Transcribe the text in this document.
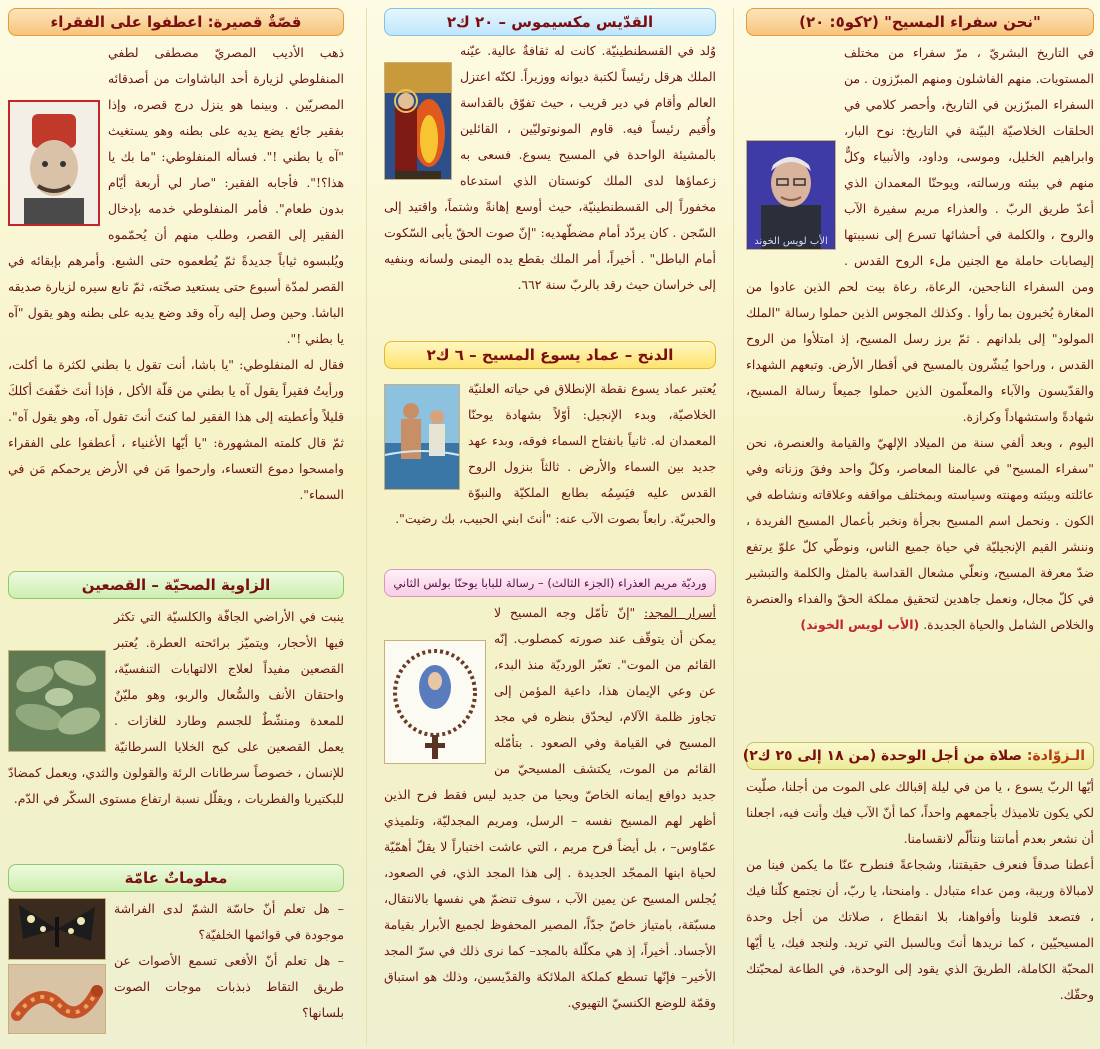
"نحن سفراء المسيح" (٢كو٥: ٢٠)
الأب لويس الخوند

في التاريخ البشريّ ، مرّ سفراء من مختلف المستويات. منهم الفاشلون ومنهم المبرّزون . من السفراء المبرّزين في التاريخ، وأحصر كلامي في الحلقات الخلاصيّة البيّنة في التاريخ: نوح البار، وابراهيم الخليل، وموسى، وداود، والأنبياء وكلٌّ منهم في بيئته ورسالته، ويوحنّا المعمدان الذي أعدّ طريق الربّ . والعذراء مريم سفيرة الآب والروح ، والكلمة في أحشائها تسرع إلى نسيبتها إليصابات حاملة مع الجنين ملء الروح القدس . ومن السفراء الناجحين، الرعاة، رعاة بيت لحم الذين عادوا من المغارة يُخبرون بما رأوا . وكذلك المجوس الذين حملوا رسالة "الملك المولود" إلى بلدانهم . ثمّ برز رسل المسيح، إذ امتلأوا من الروح القدس ، وراحوا يُبشّرون بالمسيح في أقطار الأرض. وتبعهم الشهداء والقدّيسون والآباء والمعلّمون الذين حملوا جميعاً رسالة المسيح، شهادةً واستشهاداً وكرازة.

اليوم ، وبعد ألفي سنة من الميلاد الإلهيّ والقيامة والعنصرة، نحن "سفراء المسيح" في عالمنا المعاصر، وكلّ واحد وفقَ وزناته وفي عائلته وبيئته ومهنته وسياسته وبمختلف مواقفه وعلاقاته ونشاطه في الكون . ونحمل اسم المسيح بجرأة ونخبر بأعمال المسيح الفريدة ، وننشر القيم الإنجيليّة في حياة جميع الناس، ونوطّي كلّ علوّ يرتفع ضدّ معرفة المسيح، ونعلّي مشعال القداسة بالمثل والكلمة والتبشير في كلّ مجال، ونعمل جاهدين لتحقيق مملكة الحقّ والفداء والعنصرة والخلاص الشامل والحياة الجديدة. (الأب لويس الخوند)

الـزوّادة: صلاة من أجل الوحدة (من ١٨ إلى ٢٥ ك٢)

أيّها الربّ يسوع ، يا من في ليلة إقبالك على الموت من أجلنا، صلّيت لكي يكون تلاميذك بأجمعهم واحداً، كما أنّ الآب فيك وأنت فيه، اجعلنا أن نشعر بعدم أمانتنا ونتألّم لانقسامنا.

أعطنا صدقاً فنعرف حقيقتنا، وشجاعةً فنطرح عنّا ما يكمن فينا من لامبالاة وريبة، ومن عداء متبادل . وامنحنا، يا ربّ، أن نجتمع كلّنا فيك ، فتصعد قلوبنا وأفواهنا، بلا انقطاع ، صلاتك من أجل وحدة المسيحيّين ، كما نريدها أنتَ وبالسبل التي تريد. ولنجد فيك، يا أيّها المحبّة الكاملة، الطريقَ الذي يقود إلى الوحدة، في الطاعة لمحبّتك وحقّك.

القدّيس مكسيموس – ٢٠ ك٢

وُلد في القسطنطينيّة. كانت له ثقافةٌ عالية. عيّنه الملك هرقل رئيساً لكتبة ديوانه ووزيراً. لكنّه اعتزل العالم وأقام في دير قريب ، حيث تفوّق بالقداسة وأُقيم رئيساً فيه. قاوم المونوتوليّين ، القائلين بالمشيئة الواحدة في المسيح يسوع. فسعى به زعماؤها لدى الملك كونستان الذي استدعاه مخفوراً إلى القسطنطينيّة، حيث أوسع إهانةً وشتماً، واقتيد إلى السّجن . كان يردّد أمام مضطّهديه: "إنّ صوت الحقّ يأبى السّكوت أمام الباطل" . أخيراً، أمر الملك بقطع يده اليمنى ولسانه وبنفيه إلى خراسان حيث رقد بالربّ سنة ٦٦٢.

الدنح – عماد يسوع المسيح – ٦ ك٢

يُعتبر عماد يسوع نقطة الإنطلاق في حياته العلنيّة الخلاصيّة، وبدء الإنجيل: أوّلاً بشهادة يوحنّا المعمدان له. ثانياً بانفتاح السماء فوقه، وبدء عهد جديد بين السماء والأرض . ثالثاً بنزول الروح القدس عليه فيَسِمُه بطابع الملكيّة والنبوّة والحبريّة. رابعاً بصوت الآب عنه: "أنتَ ابني الحبيب، بك رضيت".

ورديّة مريم العذراء (الجزء الثالث) – رسالة للبابا يوحنّا بولس الثاني

أسرار المجد: "إنّ تأمّل وجه المسيح لا يمكن أن يتوقّف عند صورته كمصلوب. إنّه القائم من الموت". تعبّر الورديّة منذ البدء، عن وعي الإيمان هذا، داعية المؤمن إلى تجاوز ظلمة الآلام، ليحدّق بنظره في مجد المسيح في القيامة وفي الصعود . بتأمّله القائم من الموت، يكتشف المسيحيّ من جديد دوافع إيمانه الخاصّ ويحيا من جديد ليس فقط فرح الذين أظهر لهم المسيح نفسه – الرسل، ومريم المجدليّة، وتلميذي عمّاوس– ، بل أيضاً فرح مريم ، التي عاشت اختباراً لا يقلّ أهمّيّة لحياة ابنها الممجّد الجديدة . إلى هذا المجد الذي، في الصعود، يُجلس المسيح عن يمين الآب ، سوف تنضمّ هي نفسها بالانتقال، مسبّقة، بامتياز خاصّ جدّاً، المصير المحفوظ لجميع الأبرار بقيامة الأجساد. أخيراً، إذ هي مكلّلة بالمجد– كما نرى ذلك في سرّ المجد الأخير– فإنّها تسطع كملكة الملائكة والقدّيسين، وذلك هو استباق وقمّة للوضع الكنسيّ التهيوي.

قصّةٌ قصيرة: اعطفوا على الفقراء

ذهب الأديب المصريّ مصطفى لطفي المنفلوطي لزيارة أحد الباشاوات من أصدقائه المصريّين . وبينما هو ينزل درج قصره، وإذا بفقير جائع يضع يديه على بطنه وهو يستغيث "آه يا بطني !". فسأله المنفلوطي: "ما بك يا هذا؟!". فأجابه الفقير: "صار لي أربعة أيّام بدون طعام". فأمر المنفلوطي خدمه بإدخال الفقير إلى القصر، وطلب منهم أن يُحمّموه ويُلبسوه ثياباً جديدةً ثمّ يُطعموه حتى الشبع. وأمرهم بإبقائه في القصر لمدّة أسبوع حتى يستعيد صحّته، ثمّ تابع سيره لزيارة صديقه الباشا. وحين وصل إليه رآه وقد وضع يديه على بطنه وهو يقول "آه يا بطني !".

فقال له المنفلوطي: "يا باشا، أنت تقول يا بطني لكثرة ما أكلت، ورأيتُ فقيراً يقول آه يا بطني من قلّة الأكل ، فإذا أنتَ خفّفتَ أكلكَ قليلاً وأعطيته إلى هذا الفقير لما كنتَ أنتَ تقول آه، وهو يقول آه". ثمّ قال كلمته المشهورة: "يا أيّها الأغنياء ، أعطفوا على الفقراء وامسحوا دموع التعساء، وارحموا مَن في الأرض يرحمكم مَن في السماء".

الزاوية الصحيّة – القصعين

ينبت في الأراضي الجافّة والكلسيّة التي تكثر فيها الأحجار، ويتميّز برائحته العطرة. يُعتبر القصعين مفيداً لعلاج الالتهابات التنفسيّة، واحتقان الأنف والسُّعال والربو، وهو مليّنٌ للمعدة ومنشّطٌ للجسم وطارد للغازات . يعمل القصعين على كبح الخلايا السرطانيّة للإنسان ، خصوصاً سرطانات الرئة والقولون والثدي، ويعمل كمضادّ للبكتيريا والفطريات ، ويقلّل نسبة ارتفاع مستوى السكّر في الدّم.

معلوماتٌ عامّة

– هل تعلم أنّ حاسّة الشمّ لدى الفراشة موجودة في قوائمها الخلفيّة؟

– هل تعلم أنّ الأفعى تسمع الأصوات عن طريق التقاط ذبذبات موجات الصوت بلسانها؟
